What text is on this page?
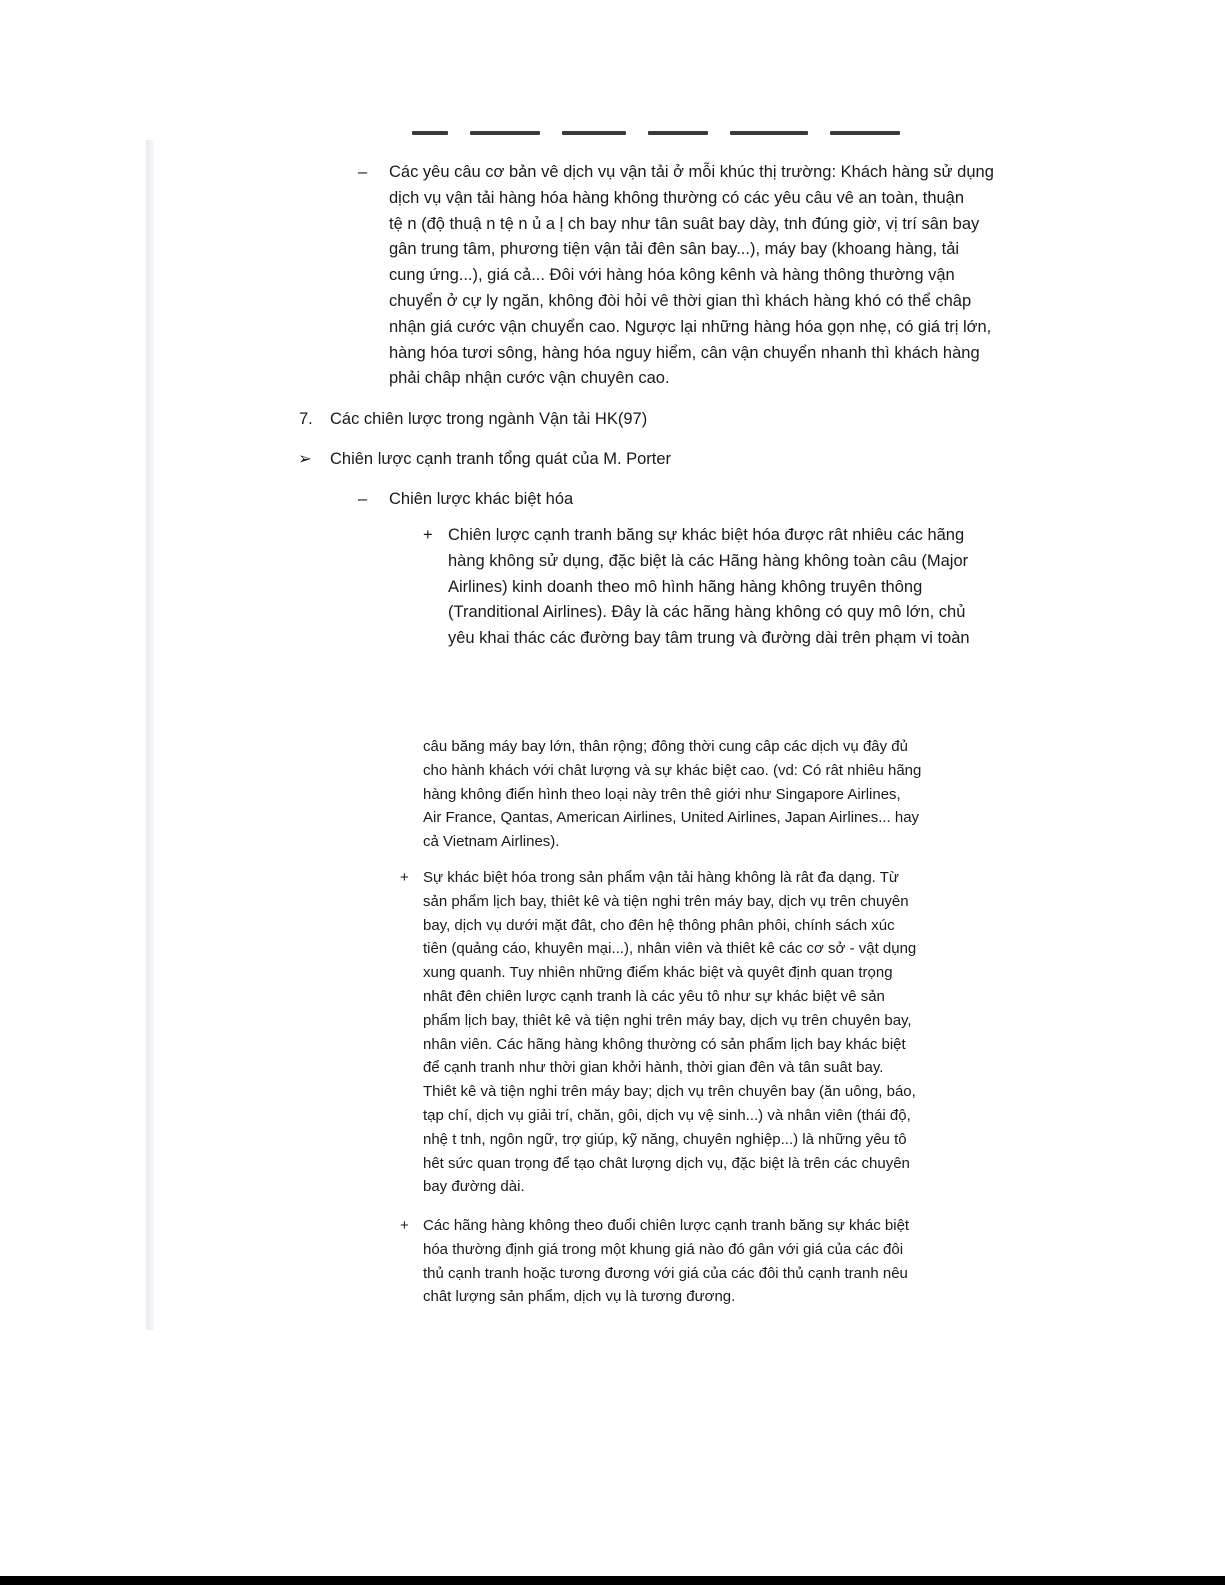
– Các yêu câu cơ bản vê dịch vụ vận tải ở mỗi khúc thị trường: Khách hàng sử dụng
dịch vụ vận tải hàng hóa hàng không thường có các yêu câu vê an toàn, thuận
tệ n (độ thuậ n tệ n ủ a ḷ ch bay như tân suât bay dày, tnh đúng giờ, vị trí sân bay
gân trung tâm, phương tiện vận tải đên sân bay...), máy bay (khoang hàng, tải
cung ứng...), giá cả... Đôi với hàng hóa kông kênh và hàng thông thường vận
chuyển ở cự ly ngăn, không đòi hỏi vê thời gian thì khách hàng khó có thể châp
nhận giá cước vận chuyển cao. Ngược lại những hàng hóa gọn nhẹ, có giá trị lớn,
hàng hóa tươi sông, hàng hóa nguy hiểm, cân vận chuyển nhanh thì khách hàng
phải châp nhận cước vận chuyên cao.
7. Các chiên lược trong ngành Vận tải HK(97)
➢ Chiên lược cạnh tranh tổng quát của M. Porter
– Chiên lược khác biệt hóa
+ Chiên lược cạnh tranh băng sự khác biệt hóa được rât nhiêu các hãng
hàng không sử dụng, đặc biệt là các Hãng hàng không toàn câu (Major
Airlines) kinh doanh theo mô hình hãng hàng không truyên thông
(Tranditional Airlines). Đây là các hãng hàng không có quy mô lớn, chủ
yêu khai thác các đường bay tâm trung và đường dài trên phạm vi toàn
câu băng máy bay lớn, thân rộng; đông thời cung câp các dịch vụ đây đủ
cho hành khách với chât lượng và sự khác biệt cao. (vd: Có rât nhiêu hãng
hàng không điển hình theo loại này trên thê giới như Singapore Airlines,
Air France, Qantas, American Airlines, United Airlines, Japan Airlines... hay
cả Vietnam Airlines).
+ Sự khác biệt hóa trong sản phẩm vận tải hàng không là rât đa dạng. Từ
sản phẩm lịch bay, thiêt kê và tiện nghi trên máy bay, dịch vụ trên chuyên
bay, dịch vụ dưới mặt đât, cho đên hệ thông phân phôi, chính sách xúc
tiên (quảng cáo, khuyên mại...), nhân viên và thiêt kê các cơ sở - vật dụng
xung quanh. Tuy nhiên những điểm khác biệt và quyêt định quan trọng
nhât đên chiên lược cạnh tranh là các yêu tô như sự khác biệt vê sản
phẩm lịch bay, thiêt kê và tiện nghi trên máy bay, dịch vụ trên chuyên bay,
nhân viên. Các hãng hàng không thường có sản phẩm lịch bay khác biệt
để cạnh tranh như thời gian khởi hành, thời gian đên và tân suât bay.
Thiêt kê và tiện nghi trên máy bay; dịch vụ trên chuyên bay (ăn uông, báo,
tạp chí, dịch vụ giải trí, chăn, gôi, dịch vụ vệ sinh...) và nhân viên (thái độ,
nhệ t tnh, ngôn ngữ, trợ giúp, kỹ năng, chuyên nghiệp...) là những yêu tô
hêt sức quan trọng để tạo chât lượng dịch vụ, đặc biệt là trên các chuyên
bay đường dài.
+ Các hãng hàng không theo đuổi chiên lược cạnh tranh băng sự khác biệt
hóa thường định giá trong một khung giá nào đó gân với giá của các đôi
thủ cạnh tranh hoặc tương đương với giá của các đôi thủ cạnh tranh nêu
chât lượng sản phẩm, dịch vụ là tương đương.
